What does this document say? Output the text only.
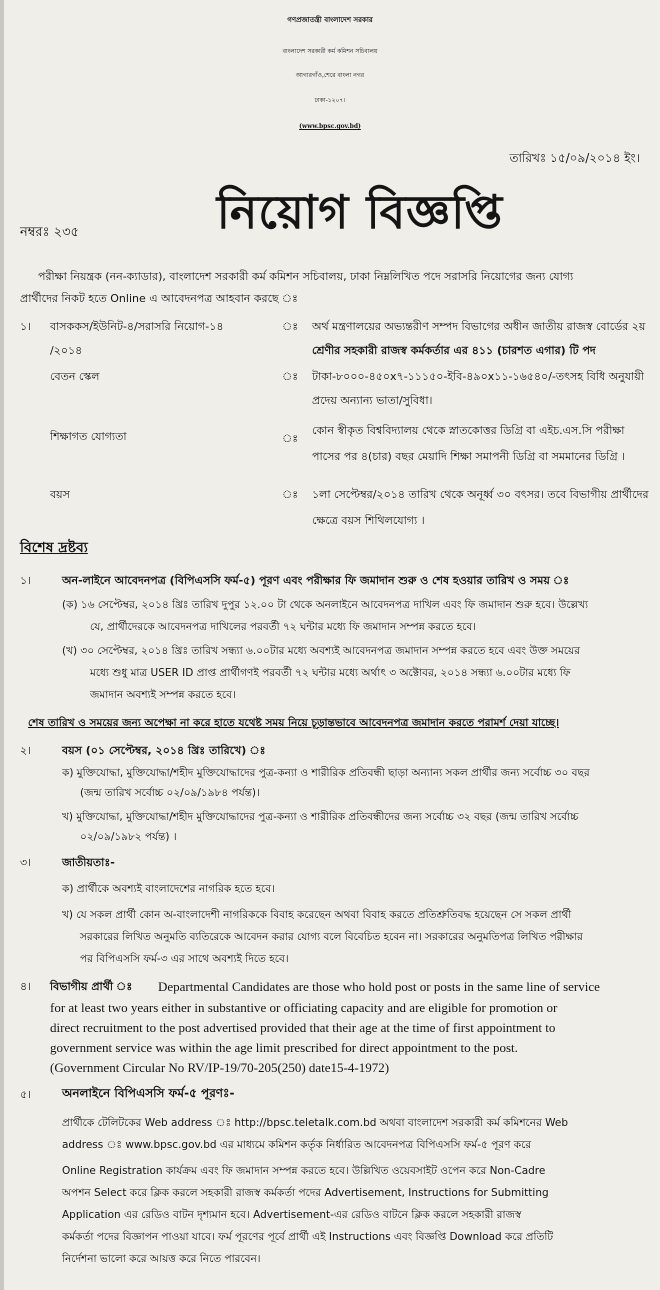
গণপ্রজাতন্ত্রী বাংলাদেশ সরকার
বাংলাদেশ সরকারী কর্ম কমিশন সচিবালয়
আগারগাঁও,শেরে বাংলা নগর
ঢাকা-১২০৭।
(www.bpsc.gov.bd)
তারিখঃ ১৫/০৯/২০১৪ ইং।
নম্বরঃ ২৩৫	নিয়োগ বিজ্ঞপ্তি
পরীক্ষা নিয়ন্ত্রক (নন-ক্যাডার), বাংলাদেশ সরকারী কর্ম কমিশন সচিবালয়, ঢাকা নিম্নলিখিত পদে সরাসরি নিয়োগের জন্য যোগ্য
প্রার্থীদের নিকট হতে Online এ আবেদনপত্র আহবান করছে ঃ
১। বাসককস/ইউনিট-৪/সরাসরি নিয়োগ-১৪
/২০১৪
ঃ অর্থ মন্ত্রণালয়ের অভ্যন্তরীণ সম্পদ বিভাগের অধীন জাতীয় রাজস্ব বোর্ডের ২য়
শ্রেণীর সহকারী রাজস্ব কর্মকর্তার এর ৪১১ (চারশত এগার) টি পদ
বেতন স্কেল	ঃ টাকা-৮০০০-৪৫০x৭-১১১৫০-ইবি-৪৯০x১১-১৬৫৪০/-তৎসহ বিধি অনুযায়ী
প্রদেয় অন্যান্য ভাতা/সুবিধা।
শিক্ষাগত যোগ্যতা	ঃ
কোন স্বীকৃত বিশ্ববিদ্যালয় থেকে স্নাতকোত্তর ডিগ্রি বা এইচ.এস.সি পরীক্ষা
পাসের পর ৪(চার) বছর মেয়াদি শিক্ষা সমাপনী ডিগ্রি বা সমমানের ডিগ্রি ।
বয়স	ঃ ১লা সেপ্টেম্বর/২০১৪ তারিখ থেকে অনূর্ধ্ব ৩০ বৎসর। তবে বিভাগীয় প্রার্থীদের
ক্ষেত্রে বয়স শিথিলযোগ্য ।
বিশেষ দ্রষ্টব্য
১।	অন-লাইনে আবেদনপত্র (বিপিএসসি ফর্ম-৫) পূরণ এবং পরীক্ষার ফি জমাদান শুরু ও শেষ হওয়ার তারিখ ও সময় ঃ
(ক) ১৬ সেপ্টেম্বর, ২০১৪ খ্রিঃ তারিখ দুপুর ১২.০০ টা থেকে অনলাইনে আবেদনপত্র দাখিল এবং ফি জমাদান শুরু হবে। উল্লেখ্য
যে, প্রার্থীদেরকে আবেদনপত্র দাখিলের পরবর্তী ৭২ ঘন্টার মধ্যে ফি জমাদান সম্পন্ন করতে হবে।
(খ) ৩০ সেপ্টেম্বর, ২০১৪ খ্রিঃ তারিখ সন্ধ্যা ৬.০০টার মধ্যে অবশ্যই আবেদনপত্র জমাদান সম্পন্ন করতে হবে এবং উক্ত সময়ের
মধ্যে শুধু মাত্র USER ID প্রাপ্ত প্রার্থীগণই পরবর্তী ৭২ ঘন্টার মধ্যে অর্থাৎ ৩ অক্টোবর, ২০১৪ সন্ধ্যা ৬.০০টার মধ্যে ফি
জমাদান অবশ্যই সম্পন্ন করতে হবে।
শেষ তারিখ ও সময়ের জন্য অপেক্ষা না করে হাতে যথেষ্ট সময় নিয়ে চূড়ান্তভাবে আবেদনপত্র জমাদান করতে পরামর্শ দেয়া যাচ্ছে।
২।	বয়স (০১ সেপ্টেম্বর, ২০১৪ খ্রিঃ তারিখে) ঃ
ক) মুক্তিযোদ্ধা, মুক্তিযোদ্ধা/শহীদ মুক্তিযোদ্ধাদের পুত্র-কন্যা ও শারীরিক প্রতিবন্ধী ছাড়া অন্যান্য সকল প্রার্থীর জন্য সর্বোচ্চ ৩০ বছর
(জন্ম তারিখ সর্বোচ্চ ০২/০৯/১৯৮৪ পর্যন্ত)।
খ) মুক্তিযোদ্ধা, মুক্তিযোদ্ধা/শহীদ মুক্তিযোদ্ধাদের পুত্র-কন্যা ও শারীরিক প্রতিবন্ধীদের জন্য সর্বোচ্চ ৩২ বছর (জন্ম তারিখ সর্বোচ্চ
০২/০৯/১৯৮২ পর্যন্ত) ।
৩।	জাতীয়তাঃ-
ক) প্রার্থীকে অবশ্যই বাংলাদেশের নাগরিক হতে হবে।
খ) যে সকল প্রার্থী কোন অ-বাংলাদেশী নাগরিককে বিবাহ করেছেন অথবা বিবাহ করতে প্রতিশ্রুতিবদ্ধ হয়েছেন সে সকল প্রার্থী
সরকারের লিখিত অনুমতি ব্যতিরেকে আবেদন করার যোগ্য বলে বিবেচিত হবেন না। সরকারের অনুমতিপত্র লিখিত পরীক্ষার
পর বিপিএসসি ফর্ম-৩ এর সাথে অবশ্যই দিতে হবে।
৪। বিভাগীয় প্রার্থী ঃ Departmental Candidates are those who hold post or posts in the same line of service
for at least two years either in substantive or officiating capacity and are eligible for promotion or
direct recruitment to the post advertised provided that their age at the time of first appointment to
government service was within the age limit prescribed for direct appointment to the post.
(Government Circular No RV/IP-19/70-205(250) date15-4-1972)
৫।	অনলাইনে বিপিএসসি ফর্ম-৫ পূরণঃ-
প্রার্থীকে টেলিটকের Web address ঃ http://bpsc.teletalk.com.bd অথবা বাংলাদেশ সরকারী কর্ম কমিশনের Web
address ঃ www.bpsc.gov.bd এর মাধ্যমে কমিশন কর্তৃক নির্ধারিত আবেদনপত্র বিপিএসসি ফর্ম-৫ পূরণ করে
Online Registration কার্যক্রম এবং ফি জমাদান সম্পন্ন করতে হবে। উল্লিখিত ওয়েবসাইট ওপেন করে Non-Cadre
অপশন Select করে ক্লিক করলে সহকারী রাজস্ব কর্মকর্তা পদের Advertisement, Instructions for Submitting
Application এর রেডিও বাটন দৃশ্যমান হবে। Advertisement-এর রেডিও বাটনে ক্লিক করলে সহকারী রাজস্ব
কর্মকর্তা পদের বিজ্ঞাপন পাওয়া যাবে। ফর্ম পূরণের পূর্বে প্রার্থী এই Instructions এবং বিজ্ঞপ্তি Download করে প্রতিটি
নির্দেশনা ভালো করে আয়ত্ত করে নিতে পারবেন।
